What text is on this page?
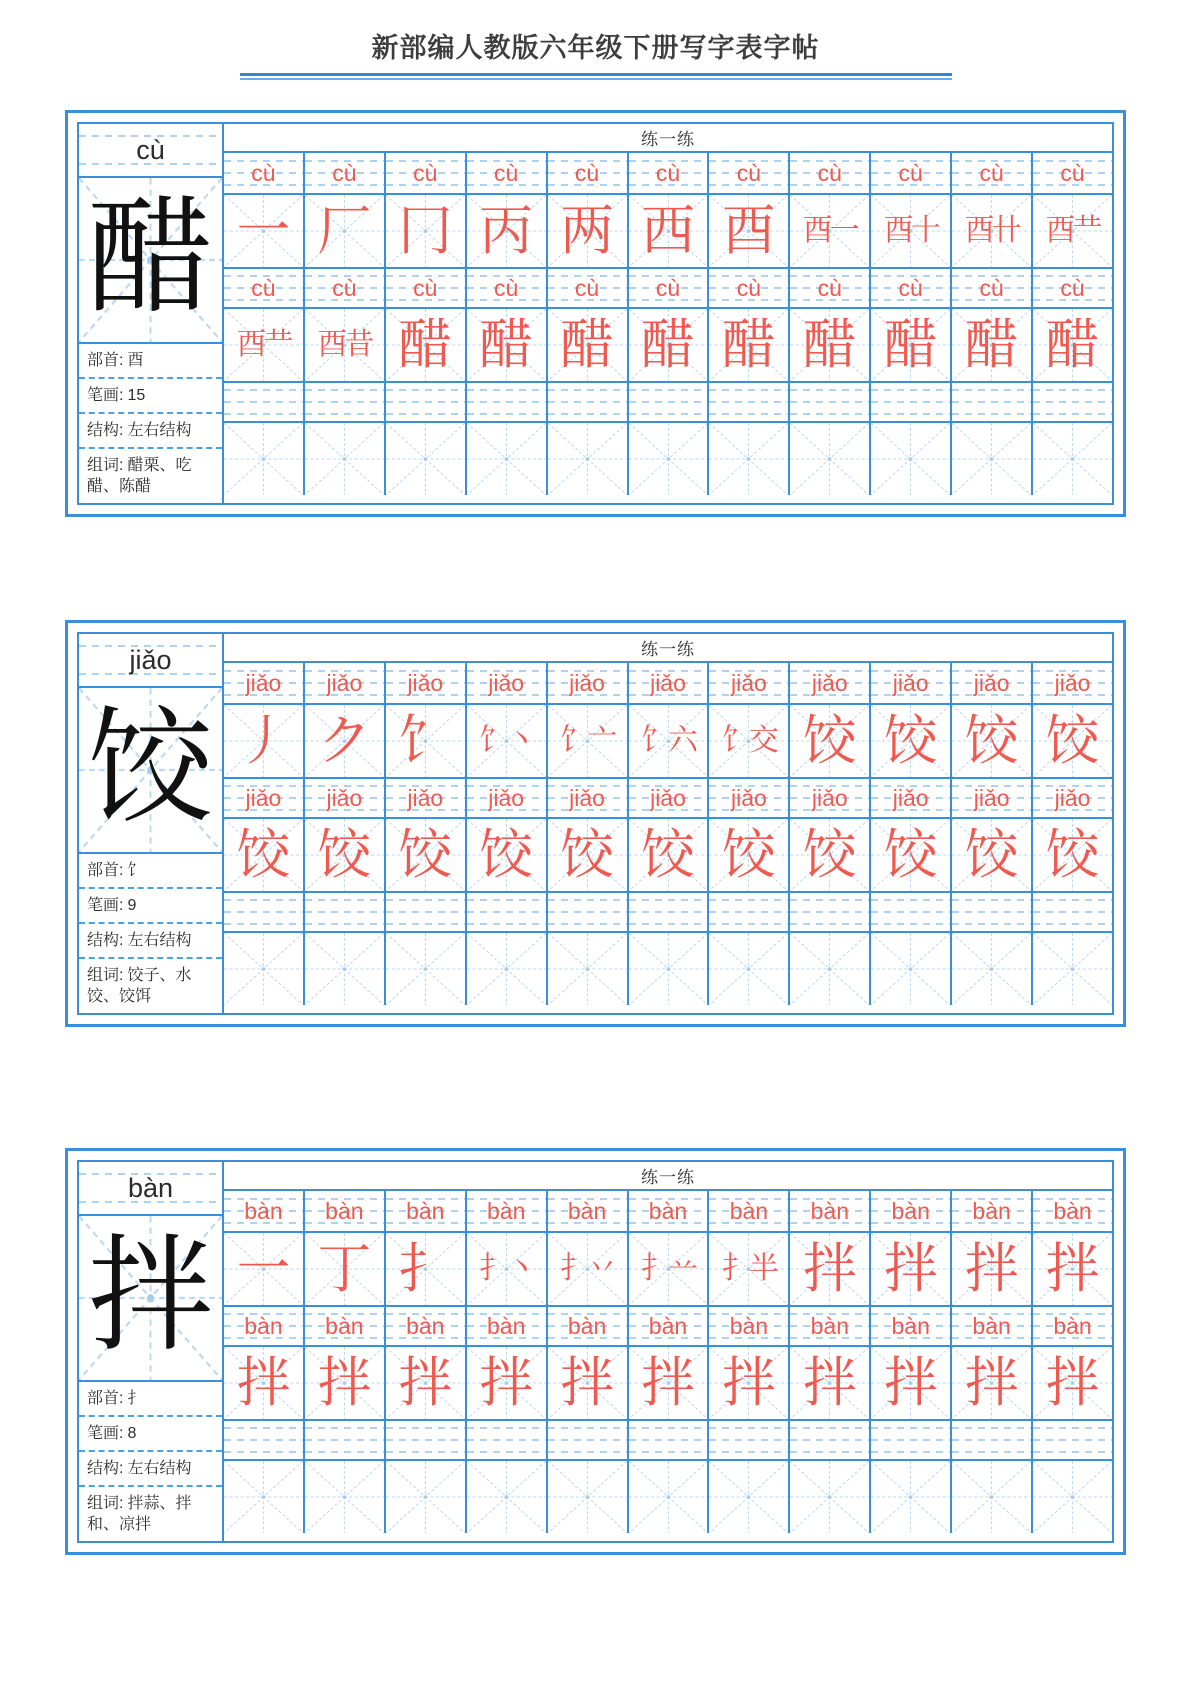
新部编人教版六年级下册写字表字帖
cù
醋
部首: 酉
笔画: 15
结构: 左右结构
组词: 醋栗、吃醋、陈醋
练一练
cù cù cù cù cù cù cù cù cù cù cù
一 厂 冂 丙 两 西 酉 酉一 酉十 酉卄 酉龷
cù cù cù cù cù cù cù cù cù cù cù
酉龷 酉昔 醋 醋 醋 醋 醋 醋 醋 醋 醋
jiǎo
饺
部首: 饣
笔画: 9
结构: 左右结构
组词: 饺子、水饺、饺饵
练一练
jiǎo jiǎo jiǎo jiǎo jiǎo jiǎo jiǎo jiǎo jiǎo jiǎo jiǎo
丿 ク 饣 饣丶 饣亠 饣六 饣交 饺 饺 饺 饺
jiǎo jiǎo jiǎo jiǎo jiǎo jiǎo jiǎo jiǎo jiǎo jiǎo jiǎo
饺 饺 饺 饺 饺 饺 饺 饺 饺 饺 饺
bàn
拌
部首: 扌
笔画: 8
结构: 左右结构
组词: 拌蒜、拌和、凉拌
练一练
bàn bàn bàn bàn bàn bàn bàn bàn bàn bàn bàn
一 丁 扌 扌丶 扌丷 扌䒑 扌半 拌 拌 拌 拌
bàn bàn bàn bàn bàn bàn bàn bàn bàn bàn bàn
拌 拌 拌 拌 拌 拌 拌 拌 拌 拌 拌
